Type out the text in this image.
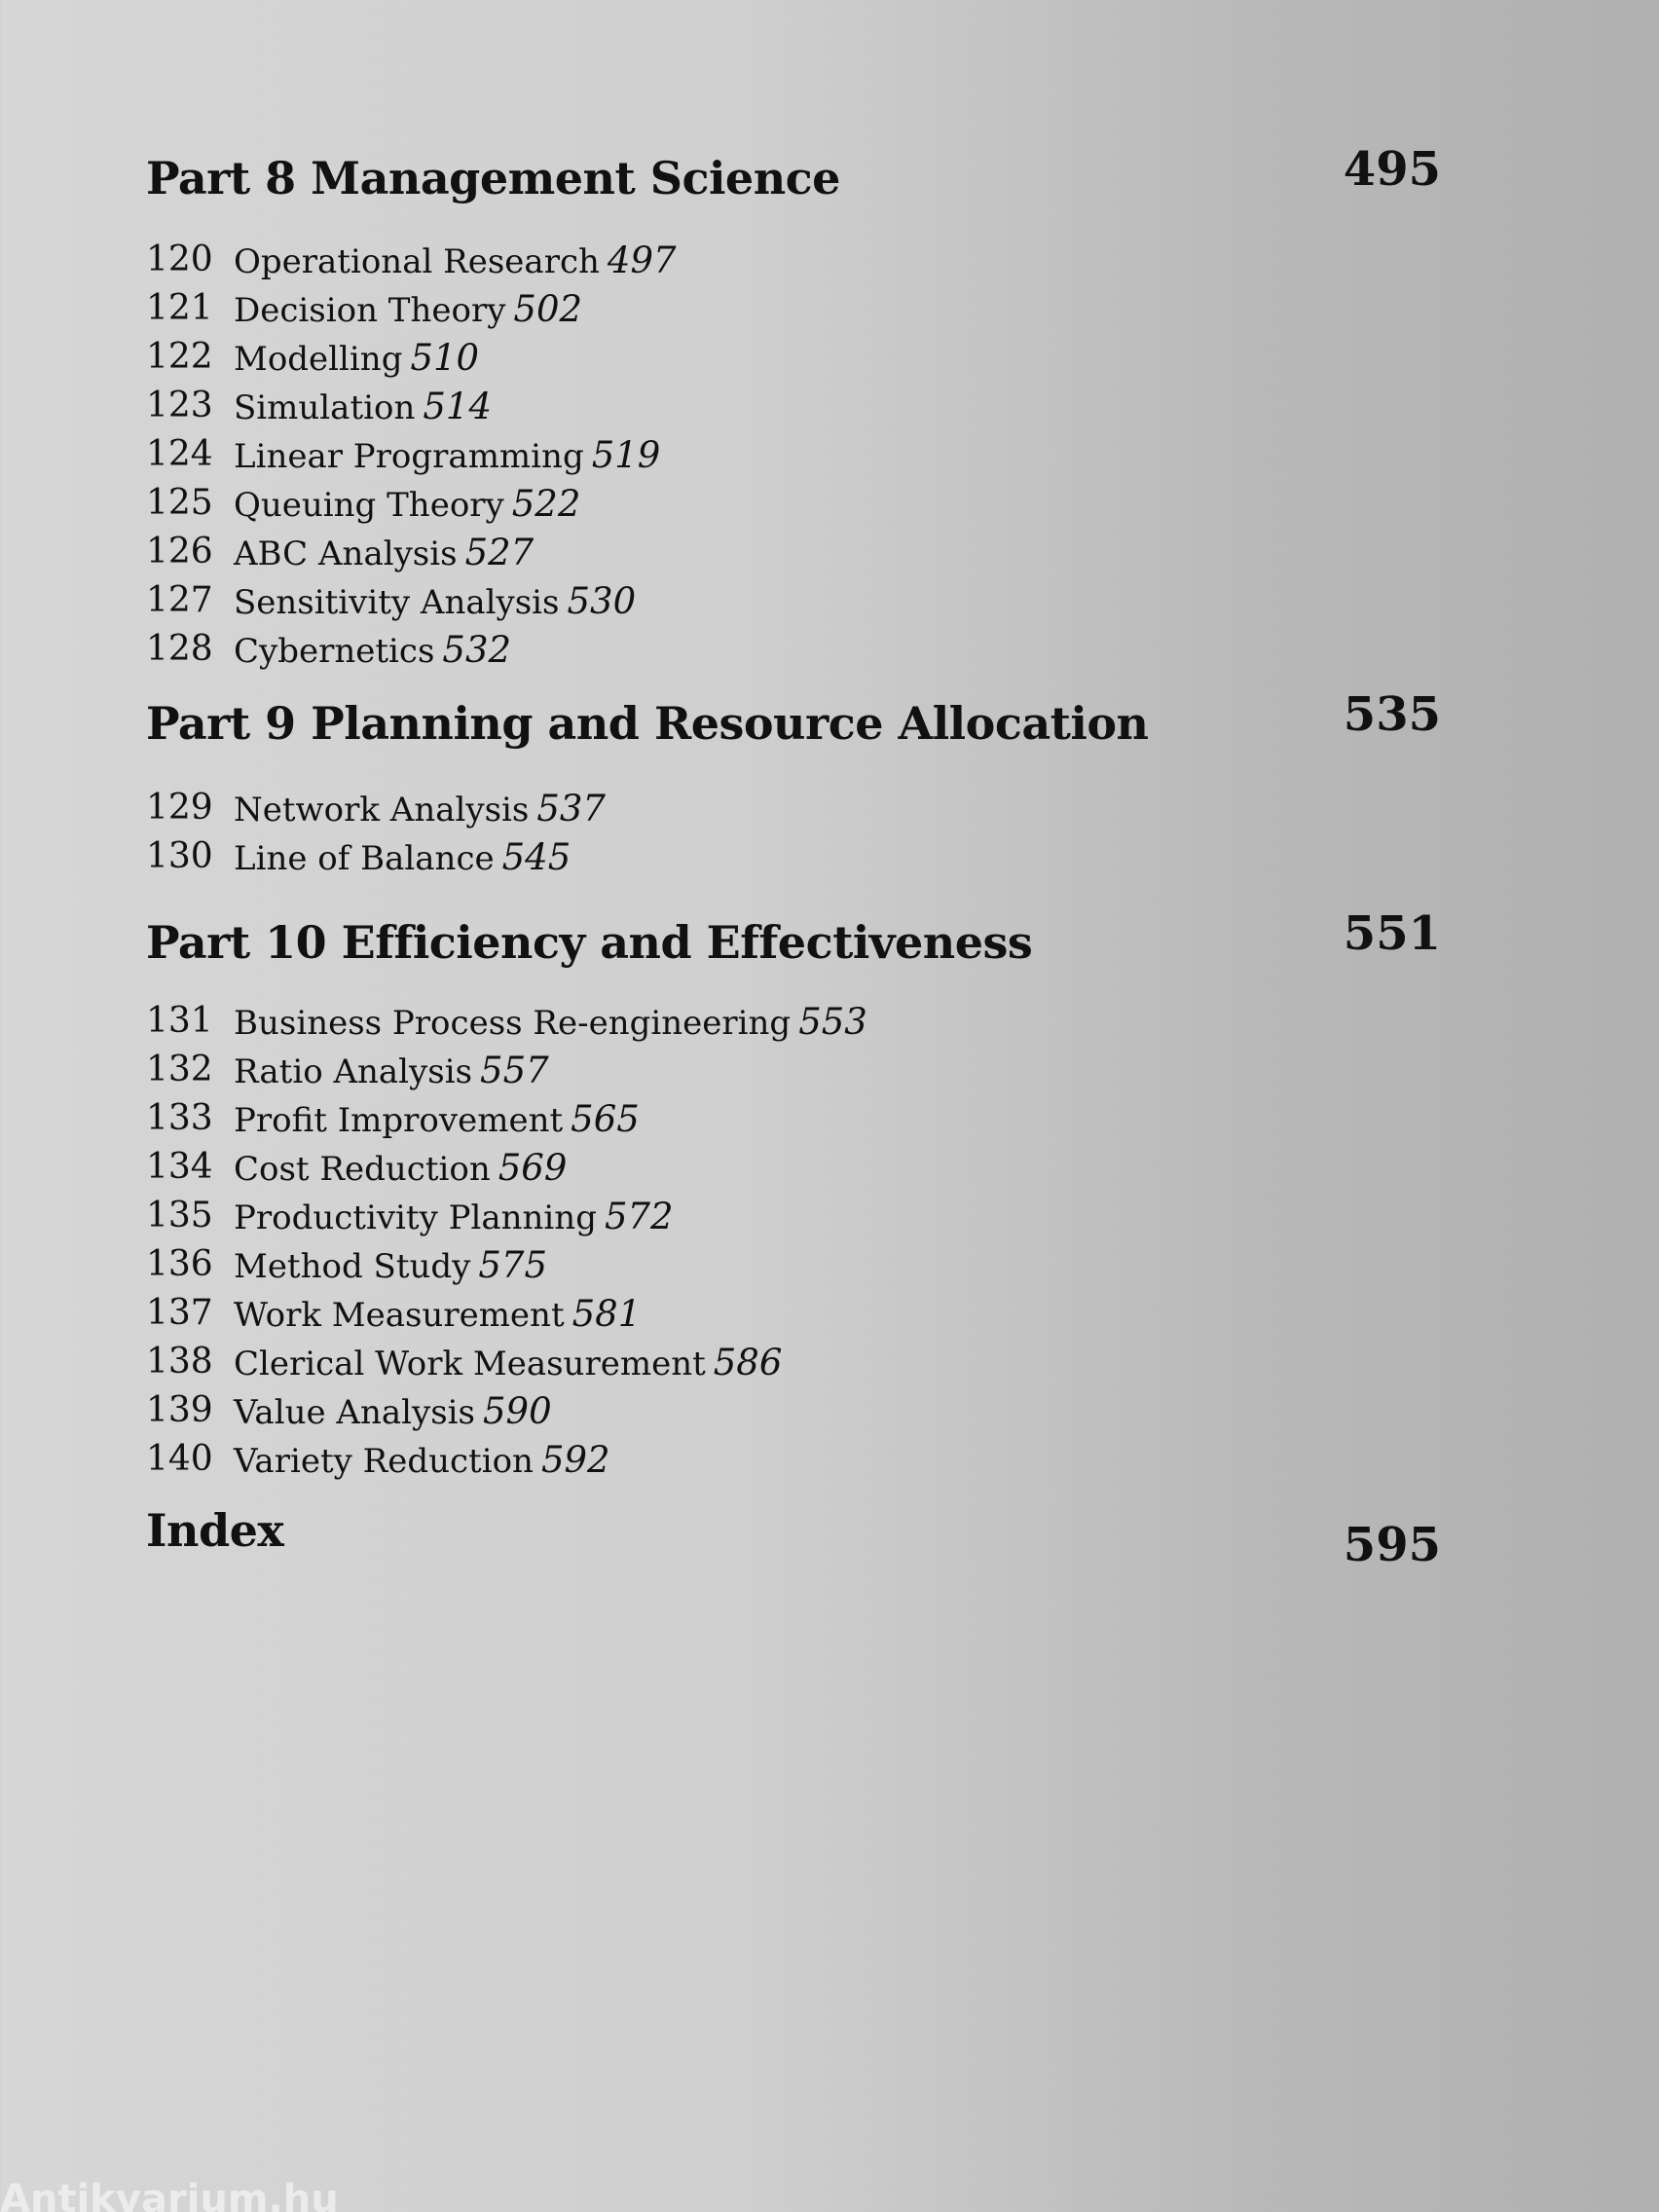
Part 8 Management Science	495
120 Operational Research 497
121 Decision Theory 502
122 Modelling 510
123 Simulation 514
124 Linear Programming 519
125 Queuing Theory 522
126 ABC Analysis 527
127 Sensitivity Analysis 530
128 Cybernetics 532
Part 9 Planning and Resource Allocation	535
129 Network Analysis 537
130 Line of Balance 545
Part 10 Efficiency and Effectiveness	551
131 Business Process Re-engineering 553
132 Ratio Analysis 557
133 Profit Improvement 565
134 Cost Reduction 569
135 Productivity Planning 572
136 Method Study 575
137 Work Measurement 581
138 Clerical Work Measurement 586
139 Value Analysis 590
140 Variety Reduction 592
Index	595
Antikvarium.hu
